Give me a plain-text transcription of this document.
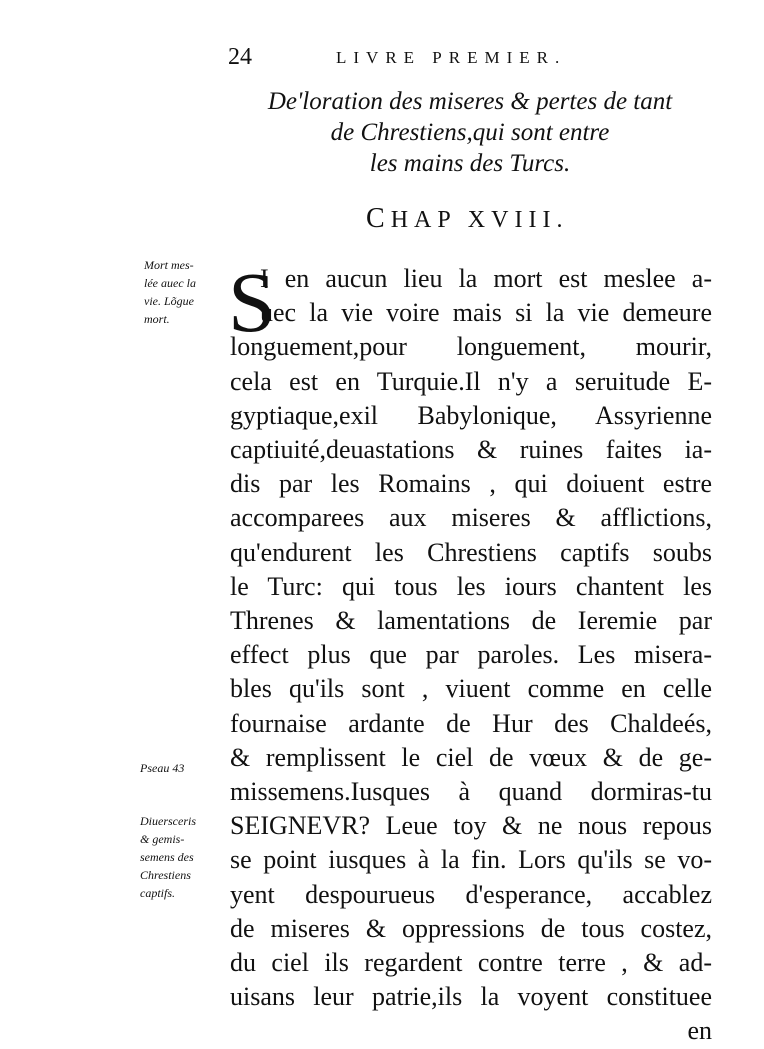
24	LIVRE PREMIER.
De'loration des miseres & pertes de tant
de Chrestiens,qui sont entre
les mains des Turcs.
CHAP XVIII.
Mort mes-
lée auec la
vie. Lõgue
mort.
Pseau 43
Diuersceris
& gemis-
semens des
Chrestiens
captifs.
S
I en aucun lieu la mort est meslee a-
uec la vie voire mais si la vie demeure
longuement,pour longuement, mourir,
cela est en Turquie.Il n'y a seruitude E-
gyptiaque,exil Babylonique, Assyrienne
captiuité,deuastations & ruines faites ia-
dis par les Romains , qui doiuent estre
accomparees aux miseres & afflictions,
qu'endurent les Chrestiens captifs soubs
le Turc: qui tous les iours chantent les
Threnes & lamentations de Ieremie par
effect plus que par paroles. Les misera-
bles qu'ils sont , viuent comme en celle
fournaise ardante de Hur des Chaldeés,
& remplissent le ciel de vœux & de ge-
missemens.Iusques à quand dormiras-tu
SEIGNEVR? Leue toy & ne nous repous
se point iusques à la fin. Lors qu'ils se vo-
yent despourueus d'esperance, accablez
de miseres & oppressions de tous costez,
du ciel ils regardent contre terre , & ad-
uisans leur patrie,ils la voyent constituee
en
